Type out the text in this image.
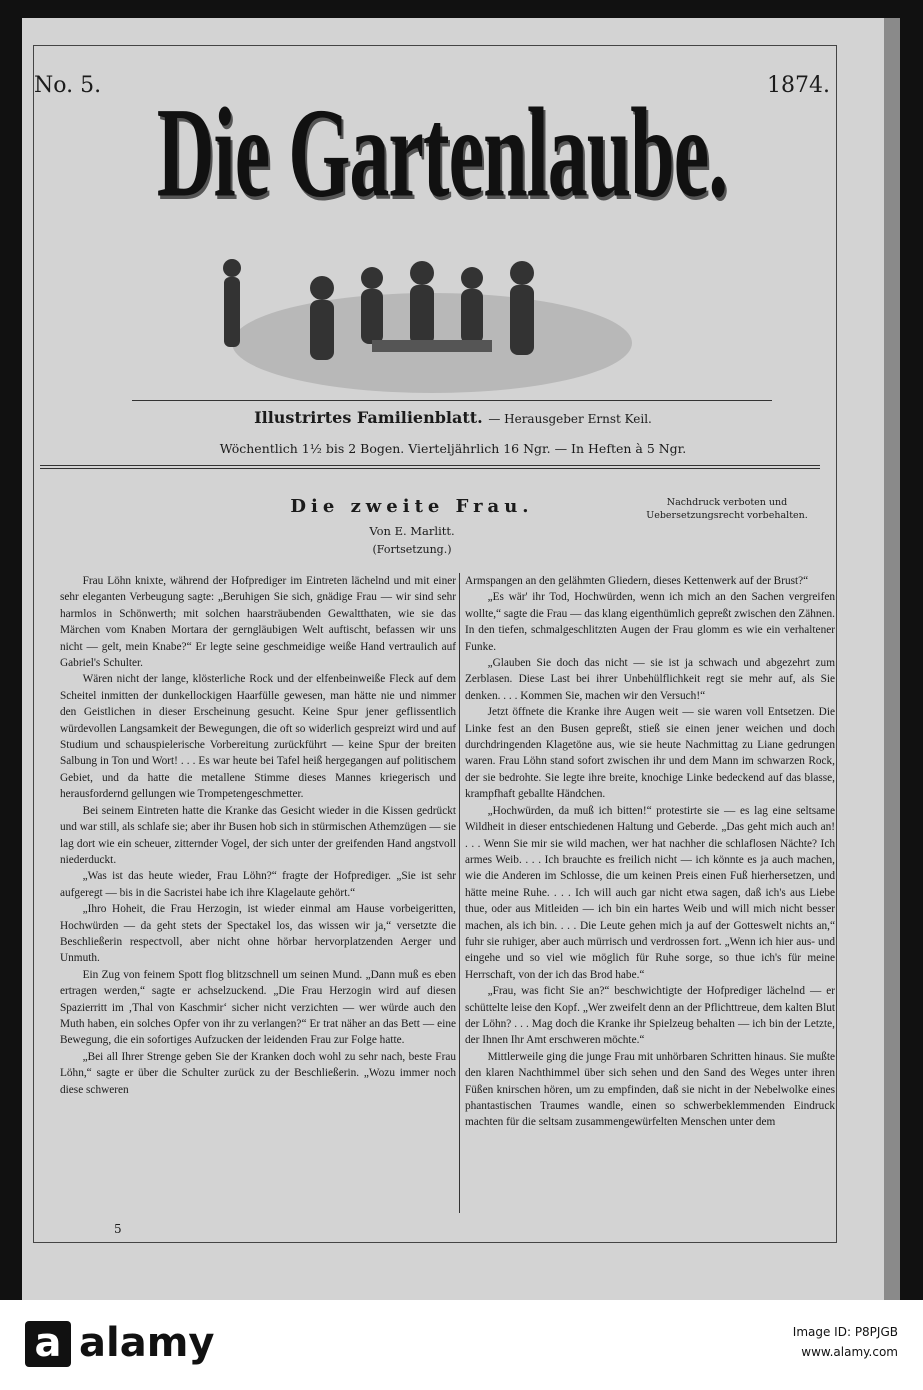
No. 5.	1874.
Die Gartenlaube.
Illustrirtes Familienblatt. — Herausgeber Ernst Keil.
Wöchentlich 1½ bis 2 Bogen. Vierteljährlich 16 Ngr. — In Heften à 5 Ngr.
Die zweite Frau.
Von E. Marlitt.
(Fortsetzung.)
Nachdruck verboten und Uebersetzungsrecht vorbehalten.

Frau Löhn knixte, während der Hofprediger im Eintreten lächelnd und mit einer sehr eleganten Verbeugung sagte: „Beruhigen Sie sich, gnädige Frau — wir sind sehr harmlos in Schönwerth; mit solchen haarsträubenden Gewaltthaten, wie sie das Märchen vom Knaben Mortara der gerngläubigen Welt auftischt, befassen wir uns nicht — gelt, mein Knabe?“ Er legte seine geschmeidige weiße Hand vertraulich auf Gabriel's Schulter.

Wären nicht der lange, klösterliche Rock und der elfenbeinweiße Fleck auf dem Scheitel inmitten der dunkellockigen Haarfülle gewesen, man hätte nie und nimmer den Geistlichen in dieser Erscheinung gesucht. Keine Spur jener geflissentlich würdevollen Langsamkeit der Bewegungen, die oft so widerlich gespreizt wird und auf Studium und schauspielerische Vorbereitung zurückführt — keine Spur der breiten Salbung in Ton und Wort! . . . Es war heute bei Tafel heiß hergegangen auf politischem Gebiet, und da hatte die metallene Stimme dieses Mannes kriegerisch und herausfordernd gellungen wie Trompetengeschmetter.

Bei seinem Eintreten hatte die Kranke das Gesicht wieder in die Kissen gedrückt und war still, als schlafe sie; aber ihr Busen hob sich in stürmischen Athemzügen — sie lag dort wie ein scheuer, zitternder Vogel, der sich unter der greifenden Hand angstvoll niederduckt.

„Was ist das heute wieder, Frau Löhn?“ fragte der Hofprediger. „Sie ist sehr aufgeregt — bis in die Sacristei habe ich ihre Klagelaute gehört.“

„Ihro Hoheit, die Frau Herzogin, ist wieder einmal am Hause vorbeigeritten, Hochwürden — da geht stets der Spectakel los, das wissen wir ja,“ versetzte die Beschließerin respectvoll, aber nicht ohne hörbar hervorplatzenden Aerger und Unmuth.

Ein Zug von feinem Spott flog blitzschnell um seinen Mund. „Dann muß es eben ertragen werden,“ sagte er achselzuckend. „Die Frau Herzogin wird auf diesen Spazierritt im ‚Thal von Kaschmir‘ sicher nicht verzichten — wer würde auch den Muth haben, ein solches Opfer von ihr zu verlangen?“ Er trat näher an das Bett — eine Bewegung, die ein sofortiges Aufzucken der leidenden Frau zur Folge hatte.

„Bei all Ihrer Strenge geben Sie der Kranken doch wohl zu sehr nach, beste Frau Löhn,“ sagte er über die Schulter zurück zu der Beschließerin. „Wozu immer noch diese schweren

Armspangen an den gelähmten Gliedern, dieses Kettenwerk auf der Brust?“

„Es wär' ihr Tod, Hochwürden, wenn ich mich an den Sachen vergreifen wollte,“ sagte die Frau — das klang eigenthümlich gepreßt zwischen den Zähnen. In den tiefen, schmalgeschlitzten Augen der Frau glomm es wie ein verhaltener Funke.

„Glauben Sie doch das nicht — sie ist ja schwach und abgezehrt zum Zerblasen. Diese Last bei ihrer Unbehülflichkeit regt sie mehr auf, als Sie denken. . . . Kommen Sie, machen wir den Versuch!“

Jetzt öffnete die Kranke ihre Augen weit — sie waren voll Entsetzen. Die Linke fest an den Busen gepreßt, stieß sie einen jener weichen und doch durchdringenden Klagetöne aus, wie sie heute Nachmittag zu Liane gedrungen waren. Frau Löhn stand sofort zwischen ihr und dem Mann im schwarzen Rock, der sie bedrohte. Sie legte ihre breite, knochige Linke bedeckend auf das blasse, krampfhaft geballte Händchen.

„Hochwürden, da muß ich bitten!“ protestirte sie — es lag eine seltsame Wildheit in dieser entschiedenen Haltung und Geberde. „Das geht mich auch an! . . . Wenn Sie mir sie wild machen, wer hat nachher die schlaflosen Nächte? Ich armes Weib. . . . Ich brauchte es freilich nicht — ich könnte es ja auch machen, wie die Anderen im Schlosse, die um keinen Preis einen Fuß hierhersetzen, und hätte meine Ruhe. . . . Ich will auch gar nicht etwa sagen, daß ich's aus Liebe thue, oder aus Mitleiden — ich bin ein hartes Weib und will mich nicht besser machen, als ich bin. . . . Die Leute gehen mich ja auf der Gotteswelt nichts an,“ fuhr sie ruhiger, aber auch mürrisch und verdrossen fort. „Wenn ich hier aus- und eingehe und so viel wie möglich für Ruhe sorge, so thue ich's für meine Herrschaft, von der ich das Brod habe.“

„Frau, was ficht Sie an?“ beschwichtigte der Hofprediger lächelnd — er schüttelte leise den Kopf. „Wer zweifelt denn an der Pflichttreue, dem kalten Blut der Löhn? . . . Mag doch die Kranke ihr Spielzeug behalten — ich bin der Letzte, der Ihnen Ihr Amt erschweren möchte.“

Mittlerweile ging die junge Frau mit unhörbaren Schritten hinaus. Sie mußte den klaren Nachthimmel über sich sehen und den Sand des Weges unter ihren Füßen knirschen hören, um zu empfinden, daß sie nicht in der Nebelwolke eines phantastischen Traumes wandle, einen so schwerbeklemmenden Eindruck machten für die seltsam zusammengewürfelten Menschen unter dem

5
a alamy	Image ID: P8PJGB
www.alamy.com
